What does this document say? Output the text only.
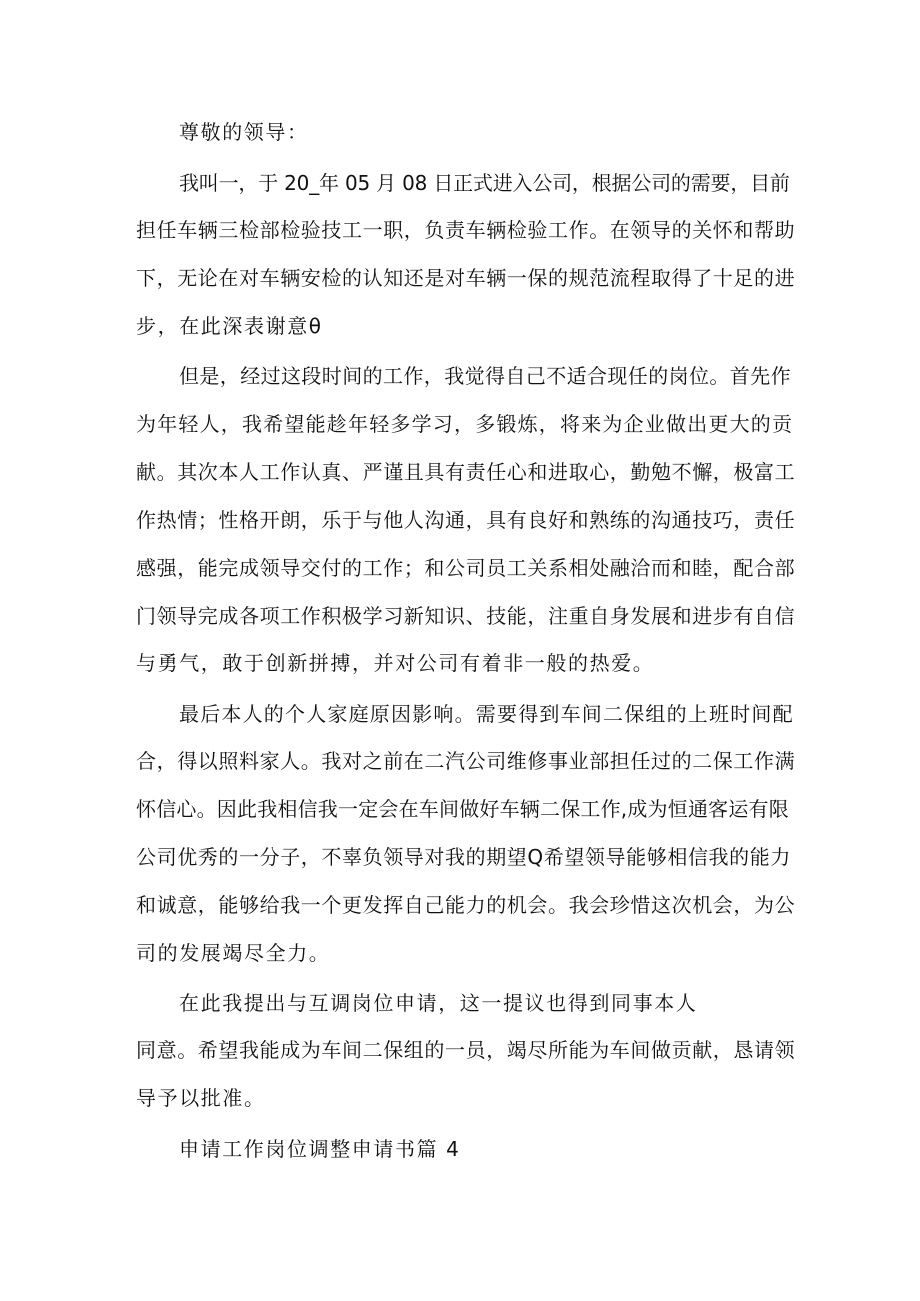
尊敬的领导：
我叫一，于 20_年 05 月 08 日正式进入公司，根据公司的需要，目前
担任车辆三检部检验技工一职，负责车辆检验工作。在领导的关怀和帮助
下，无论在对车辆安检的认知还是对车辆一保的规范流程取得了十足的进
步，在此深表谢意θ
但是，经过这段时间的工作，我觉得自己不适合现任的岗位。首先作
为年轻人，我希望能趁年轻多学习，多锻炼，将来为企业做出更大的贡
献。其次本人工作认真、严谨且具有责任心和进取心，勤勉不懈，极富工
作热情；性格开朗，乐于与他人沟通，具有良好和熟练的沟通技巧，责任
感强，能完成领导交付的工作；和公司员工关系相处融洽而和睦，配合部
门领导完成各项工作积极学习新知识、技能，注重自身发展和进步有自信
与勇气，敢于创新拼搏，并对公司有着非一般的热爱。
最后本人的个人家庭原因影响。需要得到车间二保组的上班时间配
合，得以照料家人。我对之前在二汽公司维修事业部担任过的二保工作满
怀信心。因此我相信我一定会在车间做好车辆二保工作,成为恒通客运有限
公司优秀的一分子，不辜负领导对我的期望Q希望领导能够相信我的能力
和诚意，能够给我一个更发挥自己能力的机会。我会珍惜这次机会，为公
司的发展竭尽全力。
在此我提出与互调岗位申请，这一提议也得到同事本人
同意。希望我能成为车间二保组的一员，竭尽所能为车间做贡献，恳请领
导予以批准。
申请工作岗位调整申请书篇 4
